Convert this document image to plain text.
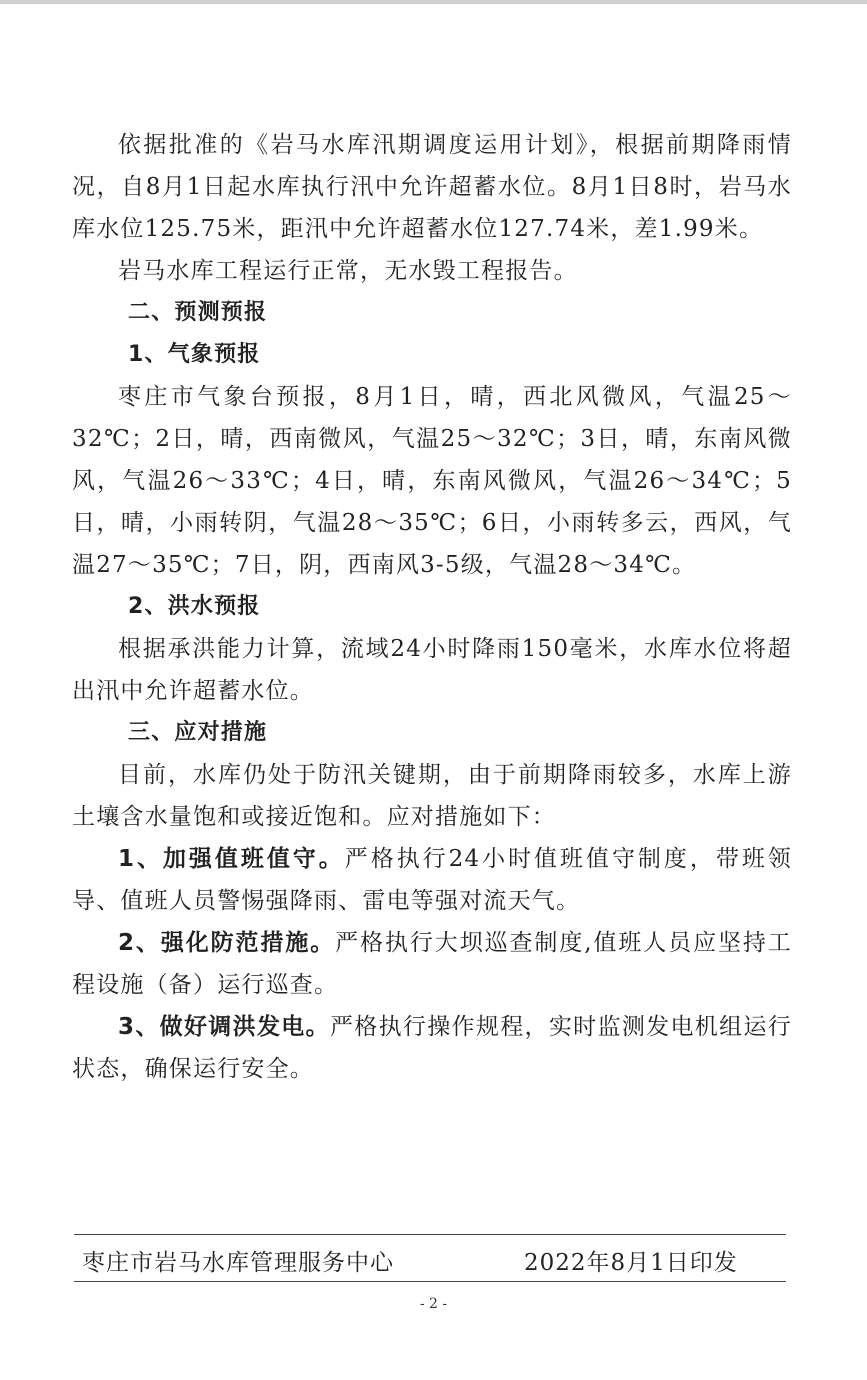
依据批准的《岩马水库汛期调度运用计划》，根据前期降雨情况，自8月1日起水库执行汛中允许超蓄水位。8月1日8时，岩马水库水位125.75米，距汛中允许超蓄水位127.74米，差1.99米。

岩马水库工程运行正常，无水毁工程报告。

二、预测预报

1、气象预报

枣庄市气象台预报，8月1日，晴，西北风微风，气温25～32℃；2日，晴，西南微风，气温25～32℃；3日，晴，东南风微风，气温26～33℃；4日，晴，东南风微风，气温26～34℃；5日，晴，小雨转阴，气温28～35℃；6日，小雨转多云，西风，气温27～35℃；7日，阴，西南风3-5级，气温28～34℃。

2、洪水预报

根据承洪能力计算，流域24小时降雨150毫米，水库水位将超出汛中允许超蓄水位。

三、应对措施

目前，水库仍处于防汛关键期，由于前期降雨较多，水库上游土壤含水量饱和或接近饱和。应对措施如下：

1、加强值班值守。严格执行24小时值班值守制度，带班领导、值班人员警惕强降雨、雷电等强对流天气。

2、强化防范措施。严格执行大坝巡查制度,值班人员应坚持工程设施（备）运行巡查。

3、做好调洪发电。严格执行操作规程，实时监测发电机组运行状态，确保运行安全。

枣庄市岩马水库管理服务中心	2022年8月1日印发
- 2 -
